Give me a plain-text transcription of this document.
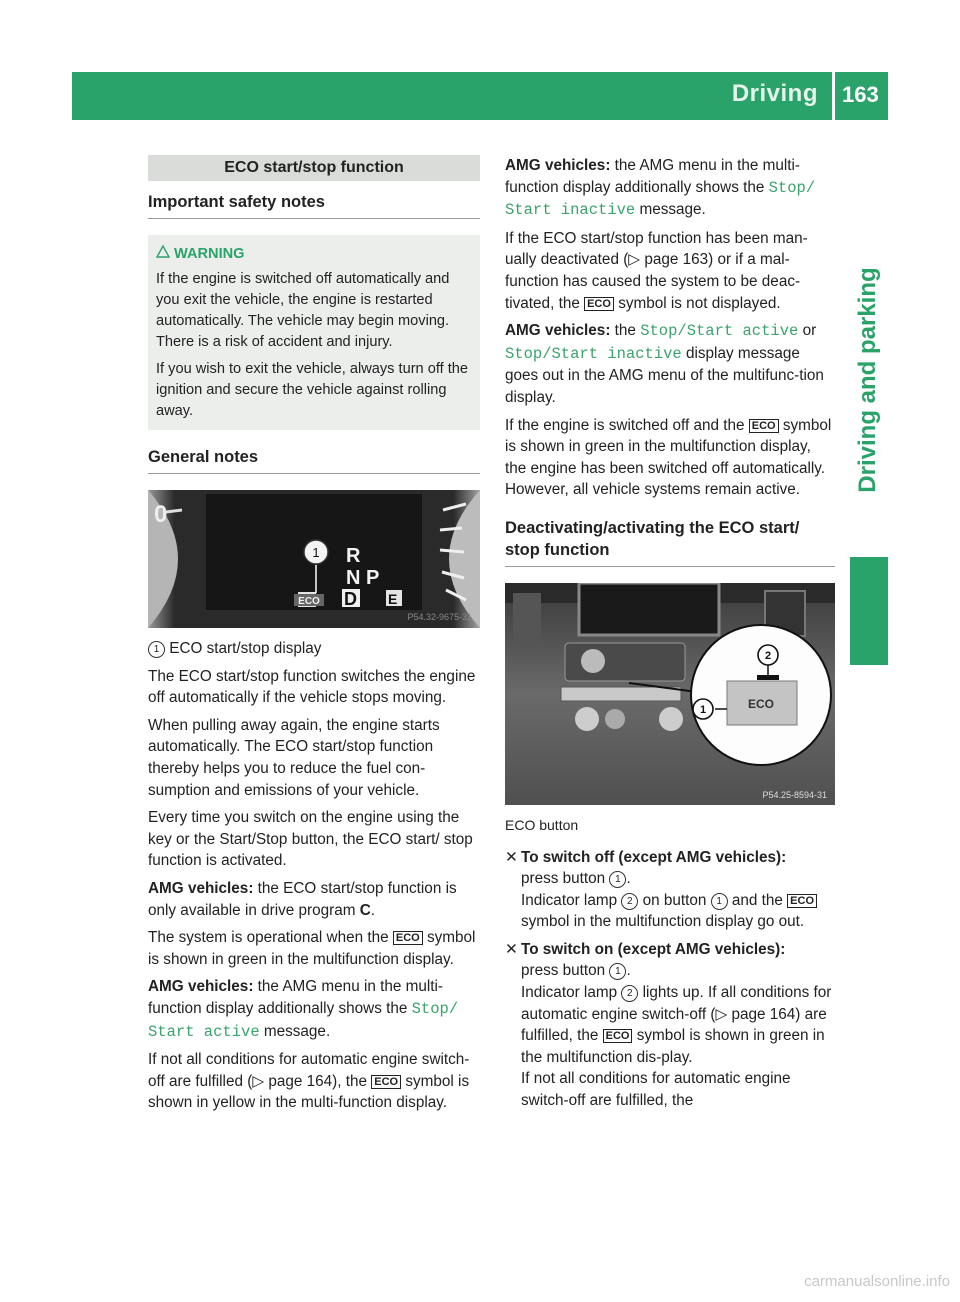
Driving 163
Driving and parking
ECO start/stop function
Important safety notes
WARNING

If the engine is switched off automatically and you exit the vehicle, the engine is restarted automatically. The vehicle may begin moving. There is a risk of accident and injury.

If you wish to exit the vehicle, always turn off the ignition and secure the vehicle against rolling away.

General notes
0
1 R
N P
D E
ECO
P54.32-9675-31

1 ECO start/stop display

The ECO start/stop function switches the engine off automatically if the vehicle stops moving.

When pulling away again, the engine starts automatically. The ECO start/stop function thereby helps you to reduce the fuel con-sumption and emissions of your vehicle.

Every time you switch on the engine using the key or the Start/Stop button, the ECO start/ stop function is activated.

AMG vehicles: the ECO start/stop function is only available in drive program C.

The system is operational when the ECO symbol is shown in green in the multifunction display.

AMG vehicles: the AMG menu in the multi-function display additionally shows the Stop/ Start active message.

If not all conditions for automatic engine switch-off are fulfilled (▷ page 164), the ECO symbol is shown in yellow in the multi-function display.

AMG vehicles: the AMG menu in the multi-function display additionally shows the Stop/ Start inactive message.

If the ECO start/stop function has been man-ually deactivated (▷ page 163) or if a mal-function has caused the system to be deac-tivated, the ECO symbol is not displayed.

AMG vehicles: the Stop/Start active or Stop/Start inactive display message goes out in the AMG menu of the multifunc-tion display.

If the engine is switched off and the ECO symbol is shown in green in the multifunction display, the engine has been switched off automatically. However, all vehicle systems remain active.

Deactivating/activating the ECO start/ stop function
ECO
2
1
P54.25-8594-31
ECO button
✕ To switch off (except AMG vehicles):

press button 1 .

Indicator lamp 2 on button 1 and the ECO symbol in the multifunction display go out.

✕ To switch on (except AMG vehicles):

press button 1 .

Indicator lamp 2 lights up. If all conditions for automatic engine switch-off (▷ page 164) are fulfilled, the ECO symbol is shown in green in the multifunction dis-play.

If not all conditions for automatic engine switch-off are fulfilled, the

carmanualsonline.info
